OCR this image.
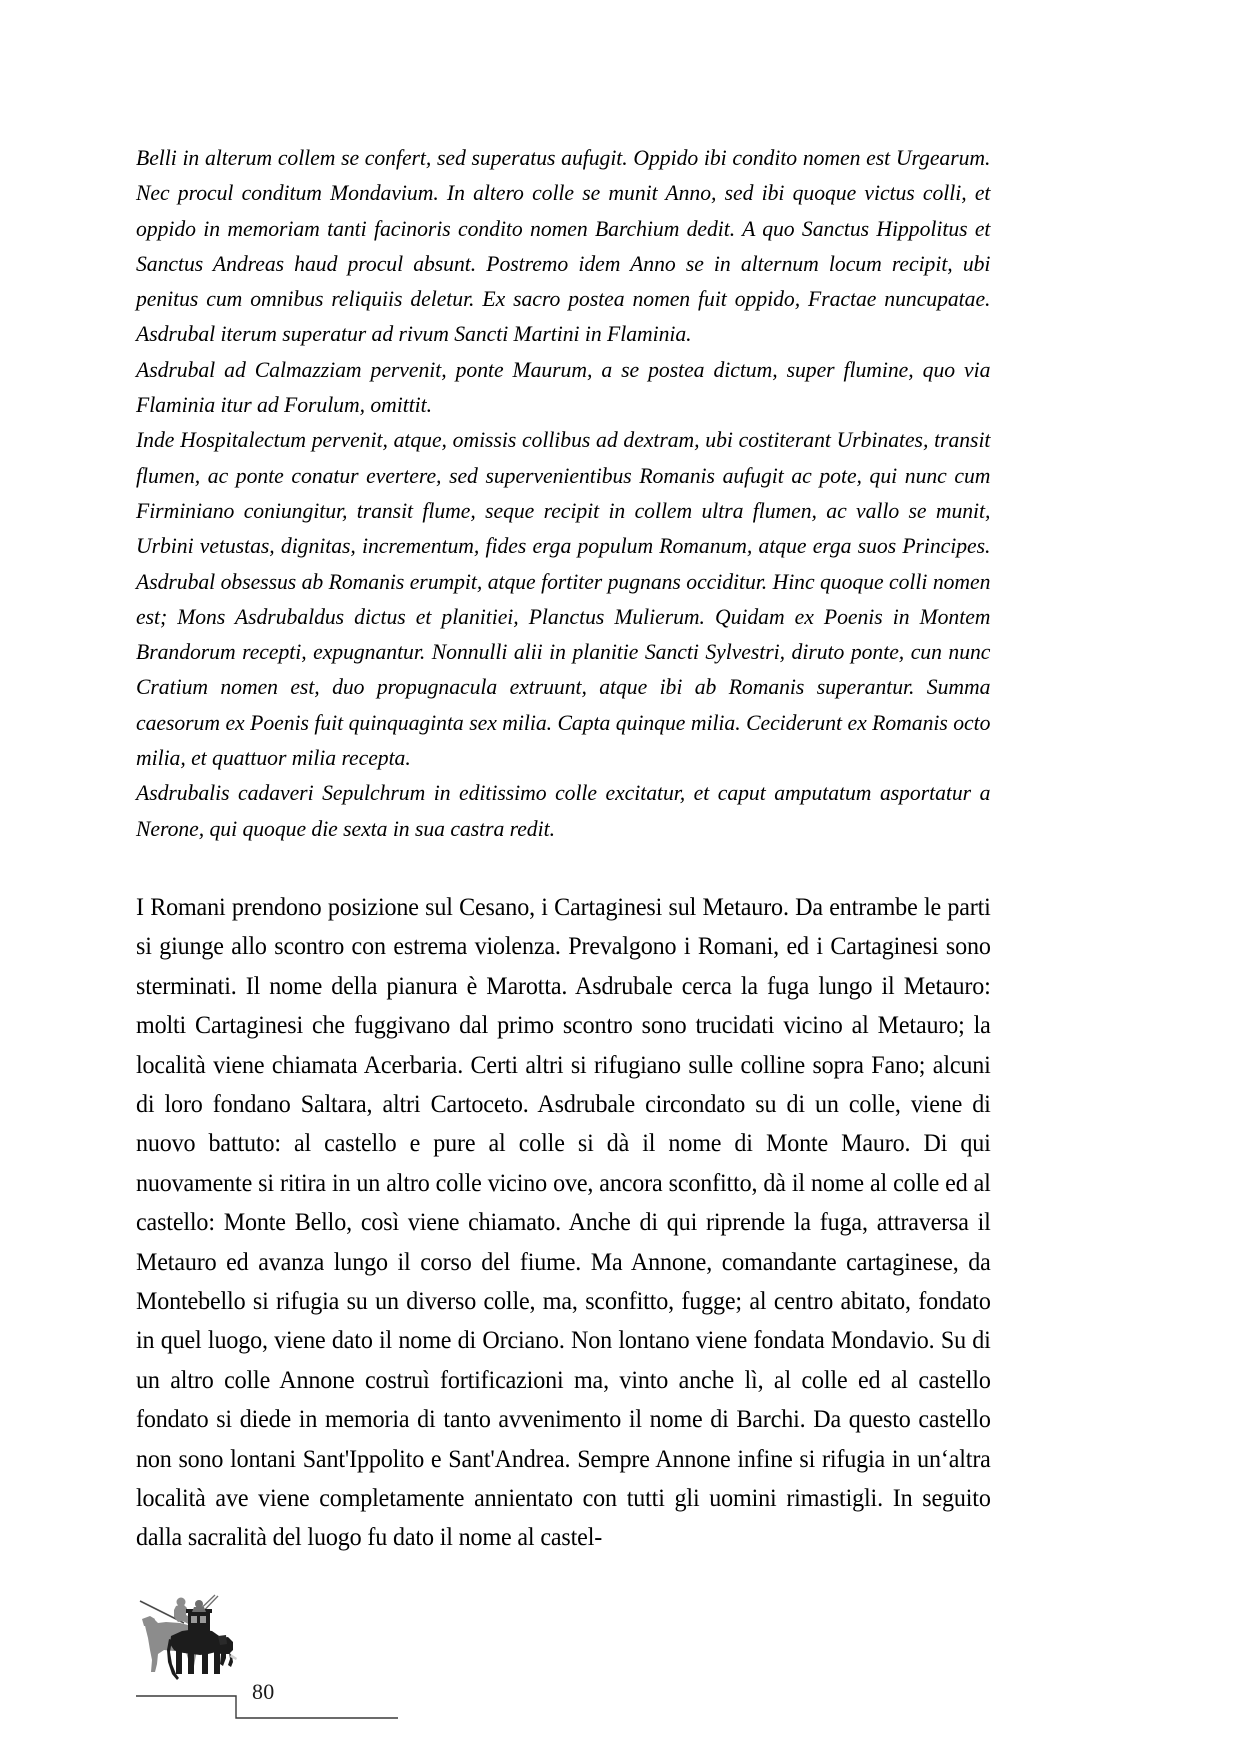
Belli in alterum collem se confert, sed superatus aufugit. Oppido ibi condito nomen est Urgearum. Nec procul conditum Mondavium. In altero colle se munit Anno, sed ibi quoque victus colli, et oppido in memoriam tanti facinoris condito nomen Barchium dedit. A quo Sanctus Hippolitus et Sanctus Andreas haud procul absunt. Postremo idem Anno se in alternum locum recipit, ubi penitus cum omnibus reliquiis deletur. Ex sacro postea nomen fuit oppido, Fractae nuncupatae. Asdrubal iterum superatur ad rivum Sancti Martini in Flaminia.

Asdrubal ad Calmazziam pervenit, ponte Maurum, a se postea dictum, super flumine, quo via Flaminia itur ad Forulum, omittit.

Inde Hospitalectum pervenit, atque, omissis collibus ad dextram, ubi costiterant Urbinates, transit flumen, ac ponte conatur evertere, sed supervenientibus Romanis aufugit ac pote, qui nunc cum Firminiano coniungitur, transit flume, seque recipit in collem ultra flumen, ac vallo se munit, Urbini vetustas, dignitas, incrementum, fides erga populum Romanum, atque erga suos Principes. Asdrubal obsessus ab Romanis erumpit, atque fortiter pugnans occiditur. Hinc quoque colli nomen est; Mons Asdrubaldus dictus et planitiei, Planctus Mulierum. Quidam ex Poenis in Montem Brandorum recepti, expugnantur. Nonnulli alii in planitie Sancti Sylvestri, diruto ponte, cun nunc Cratium nomen est, duo propugnacula extruunt, atque ibi ab Romanis superantur. Summa caesorum ex Poenis fuit quinquaginta sex milia. Capta quinque milia. Ceciderunt ex Romanis octo milia, et quattuor milia recepta.

Asdrubalis cadaveri Sepulchrum in editissimo colle excitatur, et caput amputatum asportatur a Nerone, qui quoque die sexta in sua castra redit.

I Romani prendono posizione sul Cesano, i Cartaginesi sul Metauro. Da entrambe le parti si giunge allo scontro con estrema violenza. Prevalgono i Romani, ed i Cartaginesi sono sterminati. Il nome della pianura è Marotta. Asdrubale cerca la fuga lungo il Metauro: molti Cartaginesi che fuggivano dal primo scontro sono trucidati vicino al Metauro; la località viene chiamata Acerbaria. Certi altri si rifugiano sulle colline sopra Fano; alcuni di loro fondano Saltara, altri Cartoceto. Asdrubale circondato su di un colle, viene di nuovo battuto: al castello e pure al colle si dà il nome di Monte Mauro. Di qui nuovamente si ritira in un altro colle vicino ove, ancora sconfitto, dà il nome al colle ed al castello: Monte Bello, così viene chiamato. Anche di qui riprende la fuga, attraversa il Metauro ed avanza lungo il corso del fiume. Ma Annone, comandante cartaginese, da Montebello si rifugia su un diverso colle, ma, sconfitto, fugge; al centro abitato, fondato in quel luogo, viene dato il nome di Orciano. Non lontano viene fondata Mondavio. Su di un altro colle Annone costruì fortificazioni ma, vinto anche lì, al colle ed al castello fondato si diede in memoria di tanto avvenimento il nome di Barchi. Da questo castello non sono lontani Sant'Ippolito e Sant'Andrea. Sempre Annone infine si rifugia in un‘altra località ave viene completamente annientato con tutti gli uomini rimastigli. In seguito dalla sacralità del luogo fu dato il nome al castel-

80
